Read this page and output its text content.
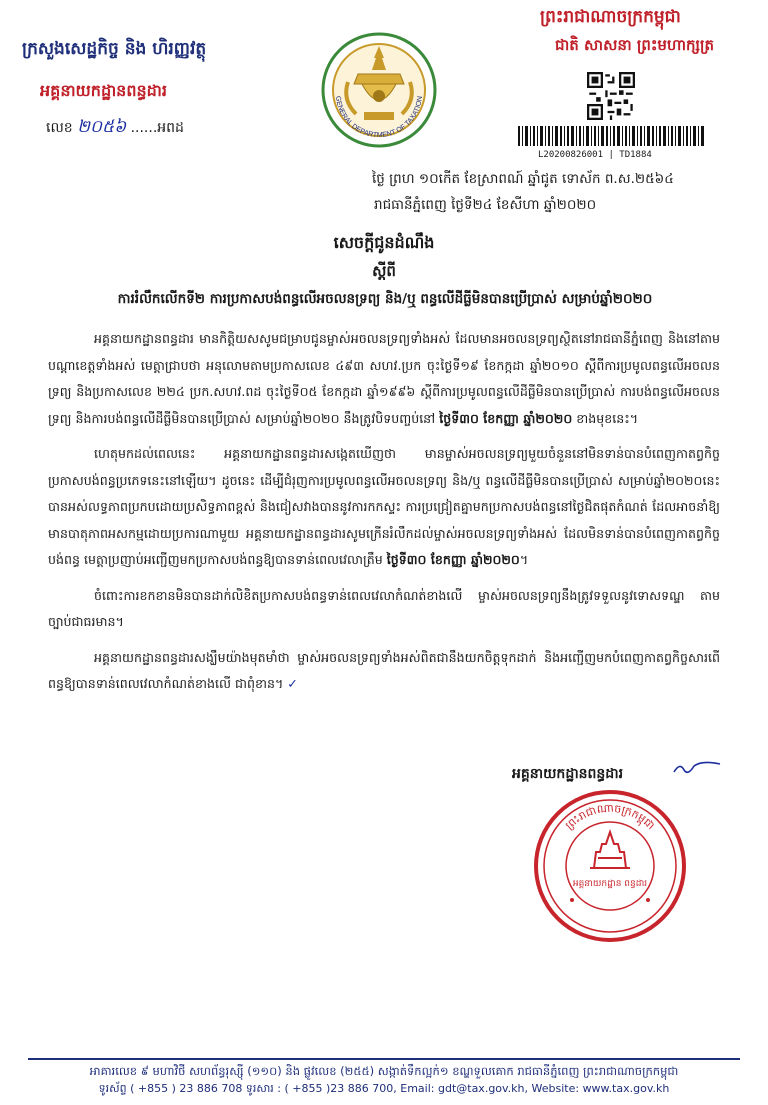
ក្រសួងសេដ្ឋកិច្ច និង ហិរញ្ញវត្ថុ
អគ្គនាយកដ្ឋានពន្ធដារ
លេខ ២០៥៦ ......អពដ
GENERAL DEPARTMENT OF TAXATION
ព្រះរាជាណាចក្រកម្ពុជា
ជាតិ សាសនា ព្រះមហាក្សត្រ
L20200826001 | TD1884
ថ្ងៃ ព្រហ ១០កើត ខែស្រាពណ៍ ឆ្នាំជូត ទោស័ក ព.ស.២៥៦៤
រាជធានីភ្នំពេញ ថ្ងៃទី២៤ ខែសីហា ឆ្នាំ២០២០
សេចក្តីជូនដំណឹង
ស្តីពី
ការរំលឹកលើកទី២ ការប្រកាសបង់ពន្ធលើអចលនទ្រព្យ និង/ឬ ពន្ធលើដីធ្លីមិនបានប្រើប្រាស់ សម្រាប់ឆ្នាំ២០២០

អគ្គនាយកដ្ឋានពន្ធដារ មានកិត្តិយសសូមជម្រាបជូនម្ចាស់អចលនទ្រព្យទាំងអស់ ដែលមានអចលនទ្រព្យស្ថិតនៅរាជធានីភ្នំពេញ និងនៅតាមបណ្តាខេត្តទាំងអស់ មេត្តាជ្រាបថា អនុលោមតាមប្រកាសលេខ ៤៩៣ សហវ.ប្រក ចុះថ្ងៃទី១៩ ខែកក្កដា ឆ្នាំ២០១០ ស្តីពីការប្រមូលពន្ធលើអចលនទ្រព្យ និងប្រកាសលេខ ២២៤ ប្រក.សហវ.ពដ ចុះថ្ងៃទី០៥ ខែកក្កដា ឆ្នាំ១៩៩៦ ស្តីពីការប្រមូលពន្ធលើដីធ្លីមិនបានប្រើប្រាស់ ការបង់ពន្ធលើអចលនទ្រព្យ និងការបង់ពន្ធលើដីធ្លីមិនបានប្រើប្រាស់ សម្រាប់ឆ្នាំ២០២០ នឹងត្រូវបិទបញ្ចប់នៅ ថ្ងៃទី៣០ ខែកញ្ញា ឆ្នាំ២០២០ ខាងមុខនេះ។

ហេតុមកដល់ពេលនេះ អគ្គនាយកដ្ឋានពន្ធដារសង្កេតឃើញថា មានម្ចាស់អចលនទ្រព្យមួយចំនួននៅមិនទាន់បានបំពេញកាតព្វកិច្ចប្រកាសបង់ពន្ធប្រភេទនេះនៅឡើយ។ ដូចនេះ ដើម្បីជំរុញការប្រមូលពន្ធលើអចលនទ្រព្យ និង/ឬ ពន្ធលើដីធ្លីមិនបានប្រើប្រាស់ សម្រាប់ឆ្នាំ២០២០នេះ បានអស់លទ្ធភាពប្រកបដោយប្រសិទ្ធភាពខ្ពស់ និងជៀសវាងបាននូវការកកស្ទះ ការប្រជ្រៀតគ្នាមកប្រកាសបង់ពន្ធនៅថ្ងៃជិតផុតកំណត់ ដែលអាចនាំឱ្យមានបាតុភាពអសកម្មដោយប្រការណាមួយ អគ្គនាយកដ្ឋានពន្ធដារសូមក្រើនរំលឹកដល់ម្ចាស់អចលនទ្រព្យទាំងអស់ ដែលមិនទាន់បានបំពេញកាតព្វកិច្ចបង់ពន្ធ មេត្តាប្រញាប់អញ្ជើញមកប្រកាសបង់ពន្ធឱ្យបានទាន់ពេលវេលាត្រឹម ថ្ងៃទី៣០ ខែកញ្ញា ឆ្នាំ២០២០។

ចំពោះការខកខានមិនបានដាក់លិខិតប្រកាសបង់ពន្ធទាន់ពេលវេលាកំណត់ខាងលើ ម្ចាស់អចលនទ្រព្យនឹងត្រូវទទួលនូវទោសទណ្ឌ តាមច្បាប់ជាធរមាន។

អគ្គនាយកដ្ឋានពន្ធដារសង្ឃឹមយ៉ាងមុតមាំថា ម្ចាស់អចលនទ្រព្យទាំងអស់ពិតជានឹងយកចិត្តទុកដាក់ និងអញ្ជើញមកបំពេញកាតព្វកិច្ចសារពើពន្ធឱ្យបានទាន់ពេលវេលាកំណត់ខាងលើ ជាពុំខាន។ ✓

អគ្គនាយកដ្ឋានពន្ធដារ
ព្រះរាជាណាចក្រកម្ពុជា
អគ្គនាយកដ្ឋាន ពន្ធដារ
អាគារលេខ ៩ មហាវិថី សហព័ន្ធរុស្ស៊ី (១១០) និង ផ្លូវលេខ (២៥៥) សង្កាត់ទឹកល្អក់១ ខណ្ឌទួលគោក រាជធានីភ្នំពេញ ព្រះរាជាណាចក្រកម្ពុជា
ទូរស័ព្ទ ( +855 ) 23 886 708 ទូរសារ : ( +855 )23 886 700, Email: gdt@tax.gov.kh, Website: www.tax.gov.kh
